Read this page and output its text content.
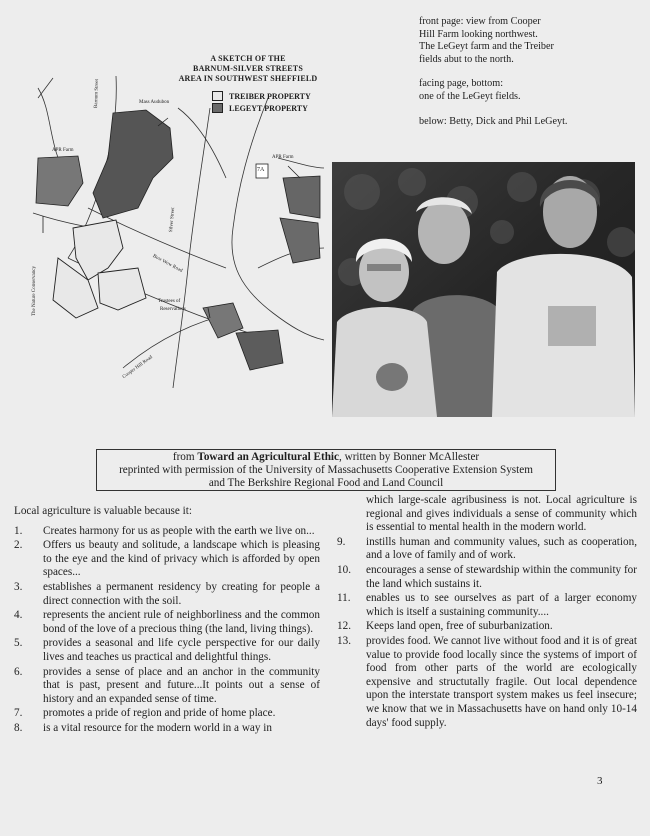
A SKETCH OF THE
BARNUM-SILVER STREETS
AREA IN SOUTHWEST SHEFFIELD
TREIBER PROPERTY
LEGEYT PROPERTY
Mass Audubon
Barnum Street
APR Farm
APR Farm
7A
Silver Street
The Nature Conservancy
Bow Wow Road
Trustees of
Reservations
Cooper Hill Road

front page: view from Cooper
Hill Farm looking northwest.
The LeGeyt farm and the Treiber
fields abut to the north.

facing page, bottom:
one of the LeGeyt fields.

below: Betty, Dick and Phil LeGeyt.

from Toward an Agricultural Ethic, written by Bonner McAllester
reprinted with permission of the University of Massachusetts Cooperative Extension System
and The Berkshire Regional Food and Land Council
Local agriculture is valuable because it:
1.	Creates harmony for us as people with the earth we live on...
2.	Offers us beauty and solitude, a landscape which is pleasing to the eye and the kind of privacy which is afforded by open spaces...
3.	establishes a permanent residency by creating for people a direct connection with the soil.
4.	represents the ancient rule of neighborliness and the common bond of the love of a precious thing (the land, living things).
5.	provides a seasonal and life cycle perspective for our daily lives and teaches us practical and delightful things.
6.	provides a sense of place and an anchor in the community that is past, present and future...It points out a sense of history and an expanded sense of time.
7.	promotes a pride of region and pride of home place.
8.	is a vital resource for the modern world in a way in
which large-scale agribusiness is not. Local agriculture is regional and gives individuals a sense of community which is essential to mental health in the modern world.
9.	instills human and community values, such as cooperation, and a love of family and of work.
10.	encourages a sense of stewardship within the community for the land which sustains it.
11.	enables us to see ourselves as part of a larger economy which is itself a sustaining community....
12.	Keeps land open, free of suburbanization.
13.	provides food. We cannot live without food and it is of great value to provide food locally since the systems of import of food from other parts of the world are ecologically expensive and structutally fragile. Out local dependence upon the interstate transport system makes us feel insecure; we know that we in Massachusetts have on hand only 10-14 days' food supply.
3
